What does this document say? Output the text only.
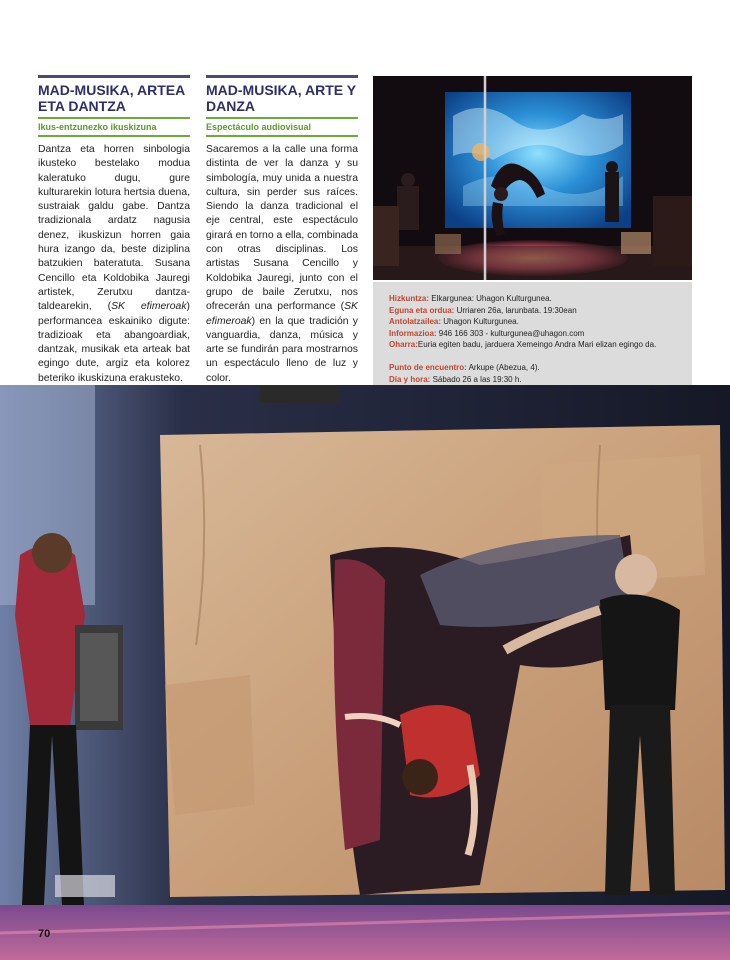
MAD-MUSIKA, ARTEA ETA DANTZA
Ikus-entzunezko ikuskizuna
Dantza eta horren sinbologia ikusteko bestelako modua kaleratuko dugu, gure kulturarekin lotura hertsia duena, sustraiak galdu gabe. Dantza tradizionala ardatz nagusia denez, ikuskizun horren gaia hura izango da, beste diziplina batzukien bateratuta. Susana Cencillo eta Koldobika Jauregi artistek, Zerutxu dantza-taldearekin, (SK efimeroak) performancea eskainiko digute: tradizioak eta abangoardiak, dantzak, musikak eta arteak bat egingo dute, argiz eta kolorez beteriko ikuskizuna erakusteko.
MAD-MUSIKA, ARTE Y DANZA
Espectáculo audiovisual
Sacaremos a la calle una forma distinta de ver la danza y su simbología, muy unida a nuestra cultura, sin perder sus raíces. Siendo la danza tradicional el eje central, este espectáculo girará en torno a ella, combinada con otras disciplinas. Los artistas Susana Cencillo y Koldobika Jauregi, junto con el grupo de baile Zerutxu, nos ofrecerán una performance (SK efimeroak) en la que tradición y vanguardia, danza, música y arte se fundirán para mostrarnos un espectáculo lleno de luz y color.
Hizkuntza: Elkargunea: Uhagon Kulturgunea.
Eguna eta ordua: Urriaren 26a, larunbata. 19:30ean
Antolatzailea: Uhagon Kulturgunea.
Informazioa: 946 166 303 - kulturgunea@uhagon.com
Oharra:Euria egiten badu, jarduera Xemeingo Andra Mari elizan egingo da.
Punto de encuentro: Arkupe (Abezua, 4).
Día y hora: Sábado 26 a las 19:30 h.
70
